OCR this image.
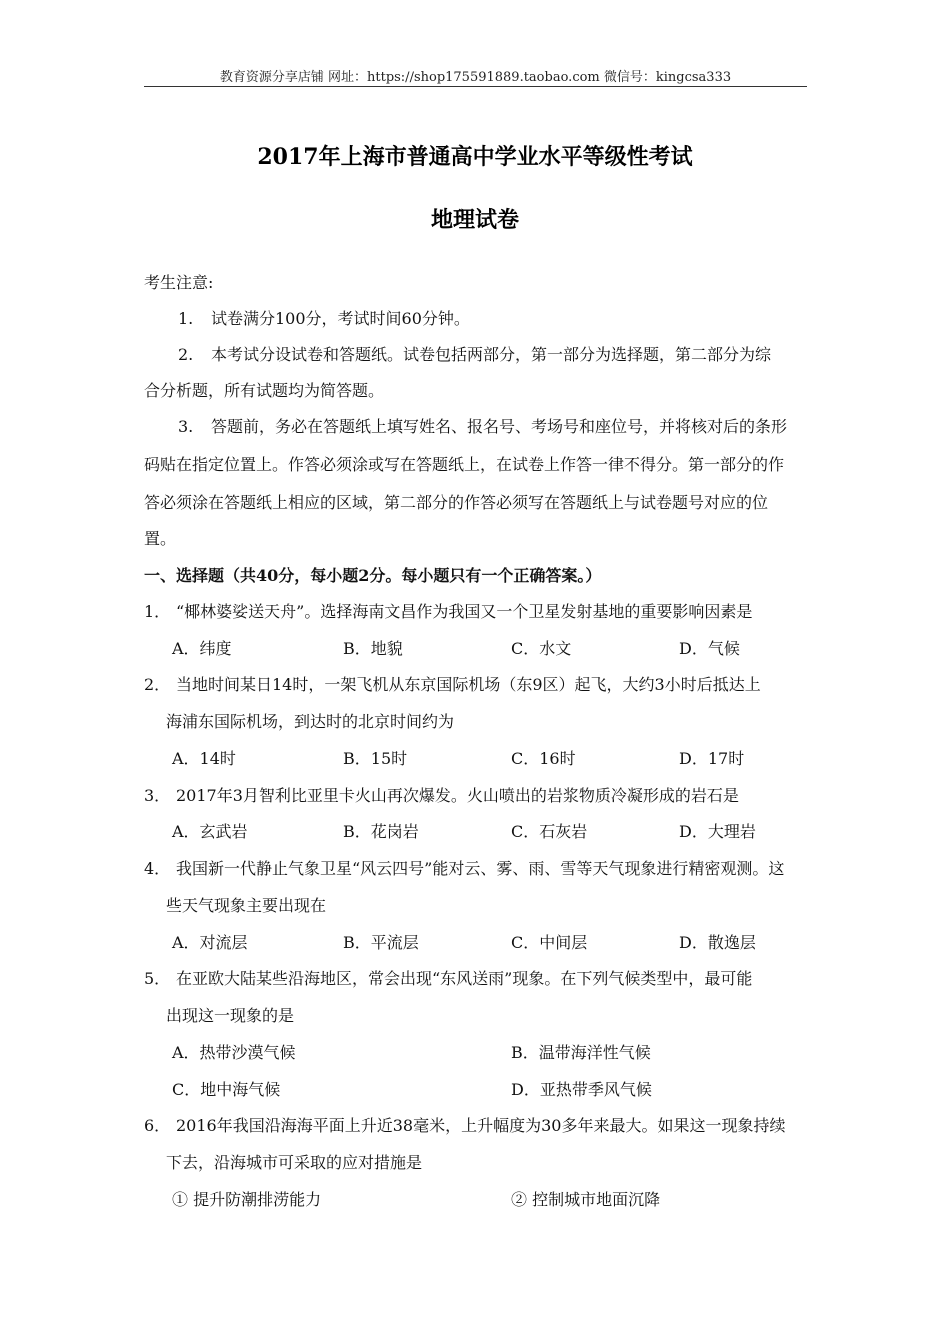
教育资源分享店铺 网址：https://shop175591889.taobao.com 微信号：kingcsa333
2017年上海市普通高中学业水平等级性考试
地理试卷
考生注意:
1. 试卷满分100分，考试时间60分钟。
2. 本考试分设试卷和答题纸。试卷包括两部分，第一部分为选择题，第二部分为综
合分析题，所有试题均为简答题。
3. 答题前，务必在答题纸上填写姓名、报名号、考场号和座位号，并将核对后的条形
码贴在指定位置上。作答必须涂或写在答题纸上，在试卷上作答一律不得分。第一部分的作
答必须涂在答题纸上相应的区域，第二部分的作答必须写在答题纸上与试卷题号对应的位
置。
一、选择题（共40分，每小题2分。每小题只有一个正确答案。）
1． “椰林婆娑送天舟”。选择海南文昌作为我国又一个卫星发射基地的重要影响因素是
A．纬度	B．地貌	C．水文	D．气候
2． 当地时间某日14时，一架飞机从东京国际机场（东9区）起飞，大约3小时后抵达上
海浦东国际机场，到达时的北京时间约为
A．14时	B．15时	C．16时	D．17时
3． 2017年3月智利比亚里卡火山再次爆发。火山喷出的岩浆物质冷凝形成的岩石是
A．玄武岩	B．花岗岩	C．石灰岩	D．大理岩
4． 我国新一代静止气象卫星“风云四号”能对云、雾、雨、雪等天气现象进行精密观测。这
些天气现象主要出现在
A．对流层	B．平流层	C．中间层	D．散逸层
5． 在亚欧大陆某些沿海地区，常会出现“东风送雨”现象。在下列气候类型中，最可能
出现这一现象的是
A．热带沙漠气候	B．温带海洋性气候
C．地中海气候	D．亚热带季风气候
6． 2016年我国沿海海平面上升近38毫米，上升幅度为30多年来最大。如果这一现象持续
下去，沿海城市可采取的应对措施是
① 提升防潮排涝能力	② 控制城市地面沉降
